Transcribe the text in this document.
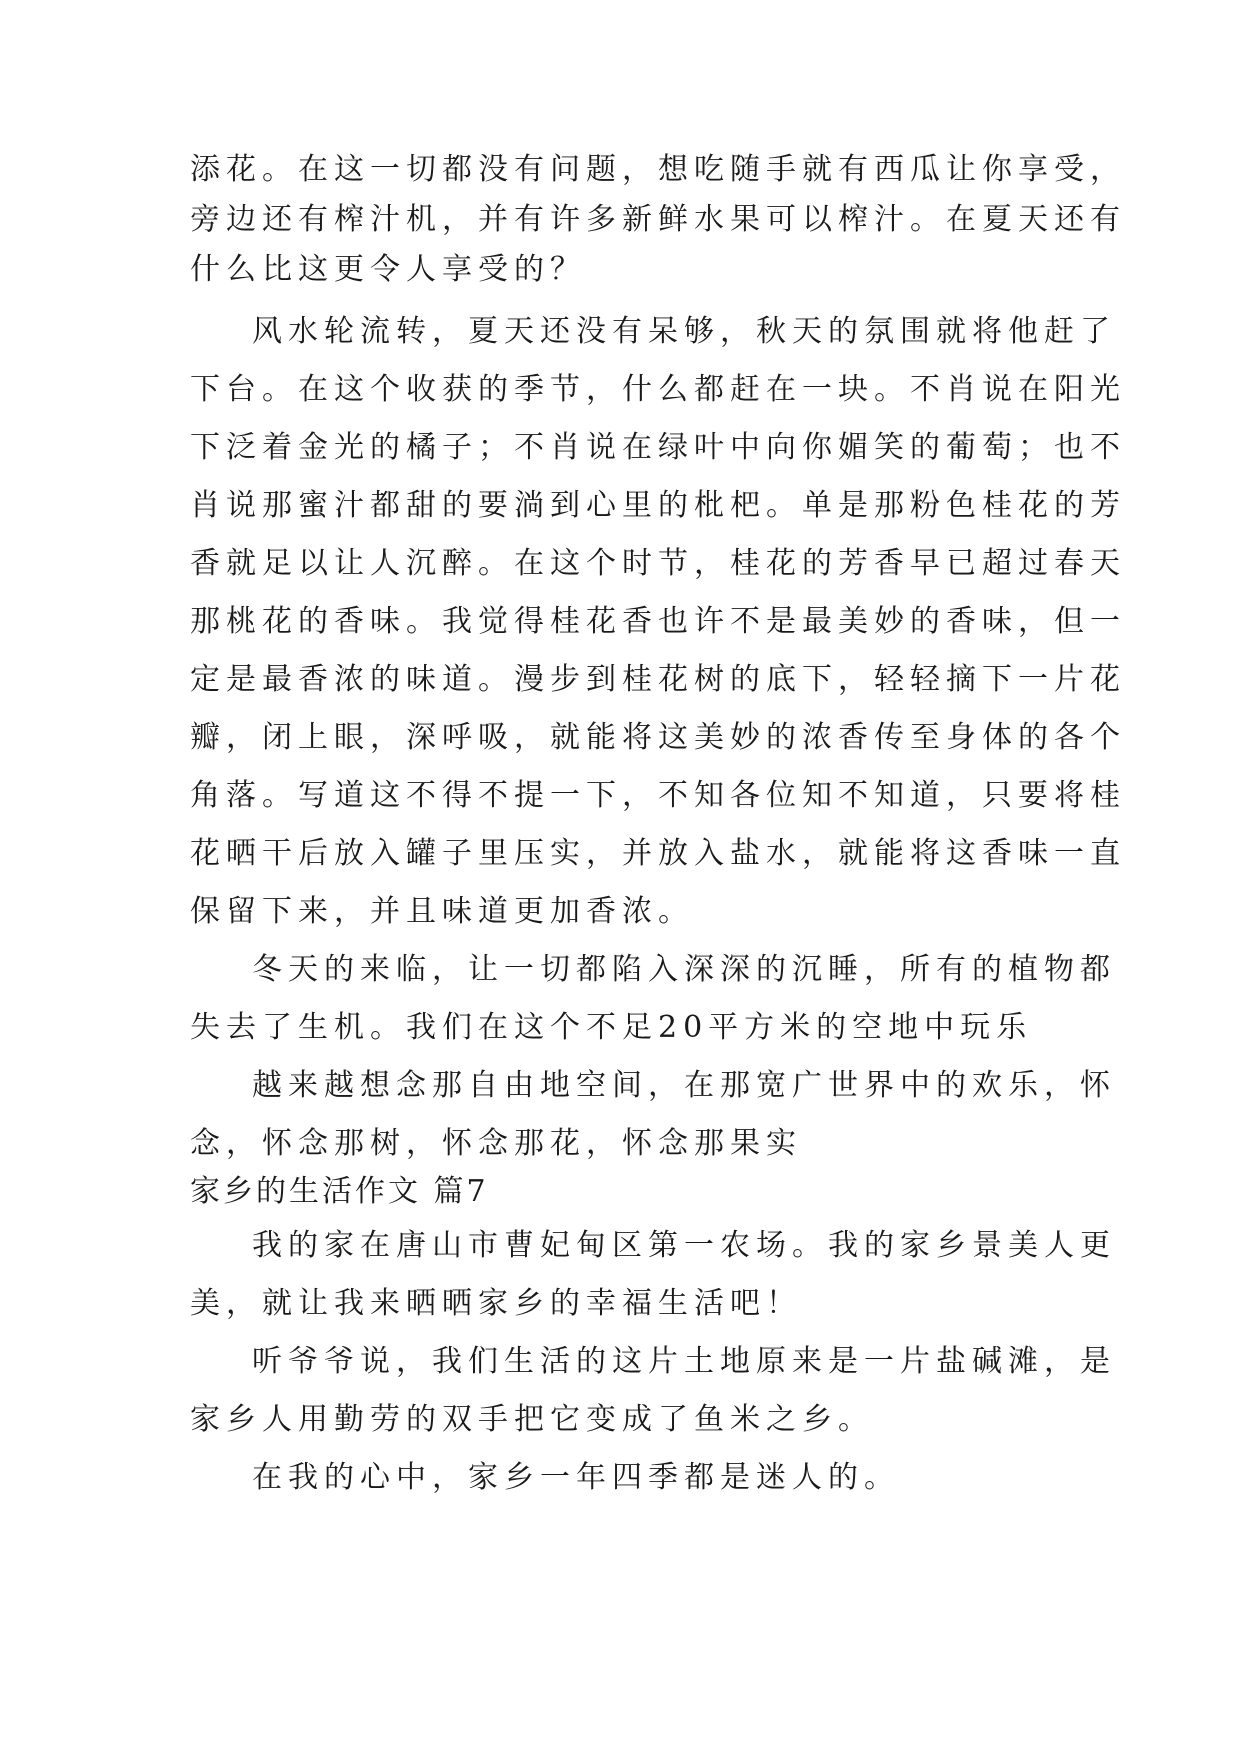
添花。在这一切都没有问题，想吃随手就有西瓜让你享受，
旁边还有榨汁机，并有许多新鲜水果可以榨汁。在夏天还有
什么比这更令人享受的？
风水轮流转，夏天还没有呆够，秋天的氛围就将他赶了
下台。在这个收获的季节，什么都赶在一块。不肖说在阳光
下泛着金光的橘子；不肖说在绿叶中向你媚笑的葡萄；也不
肖说那蜜汁都甜的要淌到心里的枇杷。单是那粉色桂花的芳
香就足以让人沉醉。在这个时节，桂花的芳香早已超过春天
那桃花的香味。我觉得桂花香也许不是最美妙的香味，但一
定是最香浓的味道。漫步到桂花树的底下，轻轻摘下一片花
瓣，闭上眼，深呼吸，就能将这美妙的浓香传至身体的各个
角落。写道这不得不提一下，不知各位知不知道，只要将桂
花晒干后放入罐子里压实，并放入盐水，就能将这香味一直
保留下来，并且味道更加香浓。
冬天的来临，让一切都陷入深深的沉睡，所有的植物都
失去了生机。我们在这个不足20平方米的空地中玩乐
越来越想念那自由地空间，在那宽广世界中的欢乐，怀
念，怀念那树，怀念那花，怀念那果实
家乡的生活作文 篇7
我的家在唐山市曹妃甸区第一农场。我的家乡景美人更
美，就让我来晒晒家乡的幸福生活吧！
听爷爷说，我们生活的这片土地原来是一片盐碱滩，是
家乡人用勤劳的双手把它变成了鱼米之乡。
在我的心中，家乡一年四季都是迷人的。
